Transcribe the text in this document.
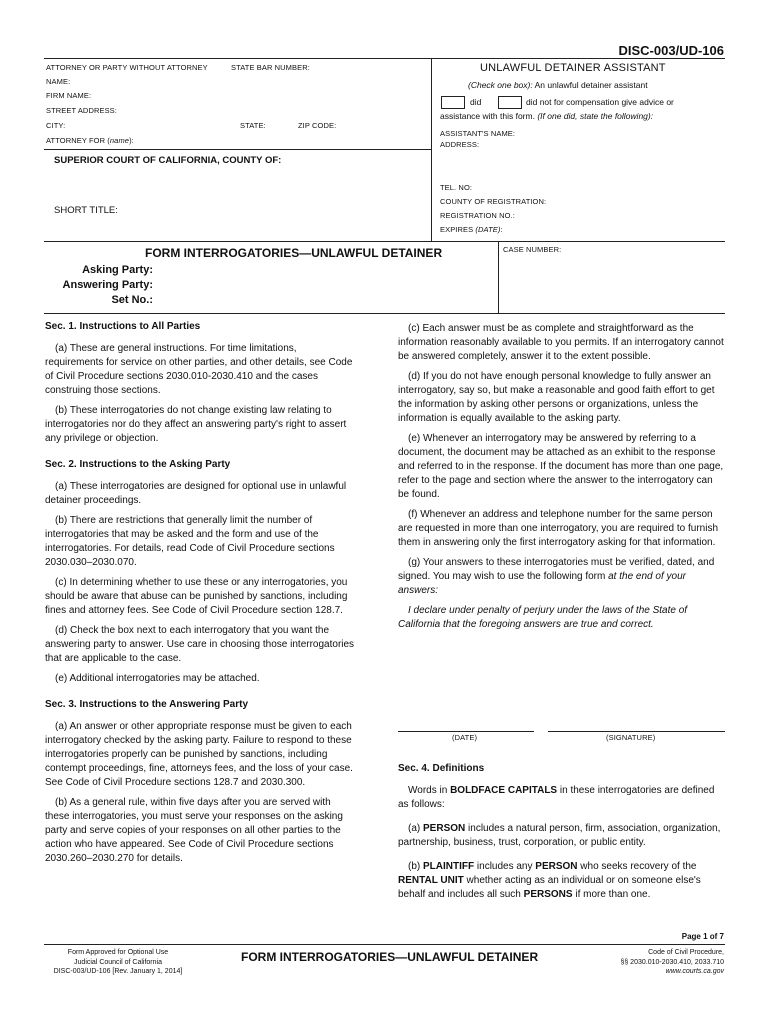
DISC-003/UD-106
ATTORNEY OR PARTY WITHOUT ATTORNEY	STATE BAR NUMBER:
NAME:
FIRM NAME:
STREET ADDRESS:
CITY:	STATE:	ZIP CODE:
ATTORNEY FOR (name):
SUPERIOR COURT OF CALIFORNIA, COUNTY OF:
SHORT TITLE:
UNLAWFUL DETAINER ASSISTANT
(Check one box): An unlawful detainer assistant
did	did not for compensation give advice or
assistance with this form. (If one did, state the following):
ASSISTANT'S NAME:
ADDRESS:
TEL. NO:
COUNTY OF REGISTRATION:
REGISTRATION NO.:
EXPIRES (DATE):
FORM INTERROGATORIES—UNLAWFUL DETAINER	CASE NUMBER:
Asking Party:
Answering Party:
Set No.:
Sec. 1. Instructions to All Parties

(a) These are general instructions. For time limitations, requirements for service on other parties, and other details, see Code of Civil Procedure sections 2030.010-2030.410 and the cases construing those sections.

(b) These interrogatories do not change existing law relating to interrogatories nor do they affect an answering party's right to assert any privilege or objection.

Sec. 2. Instructions to the Asking Party

(a) These interrogatories are designed for optional use in unlawful detainer proceedings.

(b) There are restrictions that generally limit the number of interrogatories that may be asked and the form and use of the interrogatories. For details, read Code of Civil Procedure sections 2030.030–2030.070.

(c) In determining whether to use these or any interrogatories, you should be aware that abuse can be punished by sanctions, including fines and attorney fees. See Code of Civil Procedure section 128.7.

(d) Check the box next to each interrogatory that you want the answering party to answer. Use care in choosing those interrogatories that are applicable to the case.

(e) Additional interrogatories may be attached.

Sec. 3. Instructions to the Answering Party

(a) An answer or other appropriate response must be given to each interrogatory checked by the asking party. Failure to respond to these interrogatories properly can be punished by sanctions, including contempt proceedings, fine, attorneys fees, and the loss of your case. See Code of Civil Procedure sections 128.7 and 2030.300.

(b) As a general rule, within five days after you are served with these interrogatories, you must serve your responses on the asking party and serve copies of your responses on all other parties to the action who have appeared. See Code of Civil Procedure sections 2030.260–2030.270 for details.

(c) Each answer must be as complete and straightforward as the information reasonably available to you permits. If an interrogatory cannot be answered completely, answer it to the extent possible.

(d) If you do not have enough personal knowledge to fully answer an interrogatory, say so, but make a reasonable and good faith effort to get the information by asking other persons or organizations, unless the information is equally available to the asking party.

(e) Whenever an interrogatory may be answered by referring to a document, the document may be attached as an exhibit to the response and referred to in the response. If the document has more than one page, refer to the page and section where the answer to the interrogatory can be found.

(f) Whenever an address and telephone number for the same person are requested in more than one interrogatory, you are required to furnish them in answering only the first interrogatory asking for that information.

(g) Your answers to these interrogatories must be verified, dated, and signed. You may wish to use the following form at the end of your answers:

I declare under penalty of perjury under the laws of the State of California that the foregoing answers are true and correct.

(DATE)	(SIGNATURE)
Sec. 4. Definitions

Words in BOLDFACE CAPITALS in these interrogatories are defined as follows:

(a) PERSON includes a natural person, firm, association, organization, partnership, business, trust, corporation, or public entity.

(b) PLAINTIFF includes any PERSON who seeks recovery of the RENTAL UNIT whether acting as an individual or on someone else's behalf and includes all such PERSONS if more than one.

Page 1 of 7
Form Approved for Optional Use
Judicial Council of California
DISC-003/UD-106 [Rev. January 1, 2014]
FORM INTERROGATORIES—UNLAWFUL DETAINER	Code of Civil Procedure,
§§ 2030.010-2030.410, 2033.710
www.courts.ca.gov
